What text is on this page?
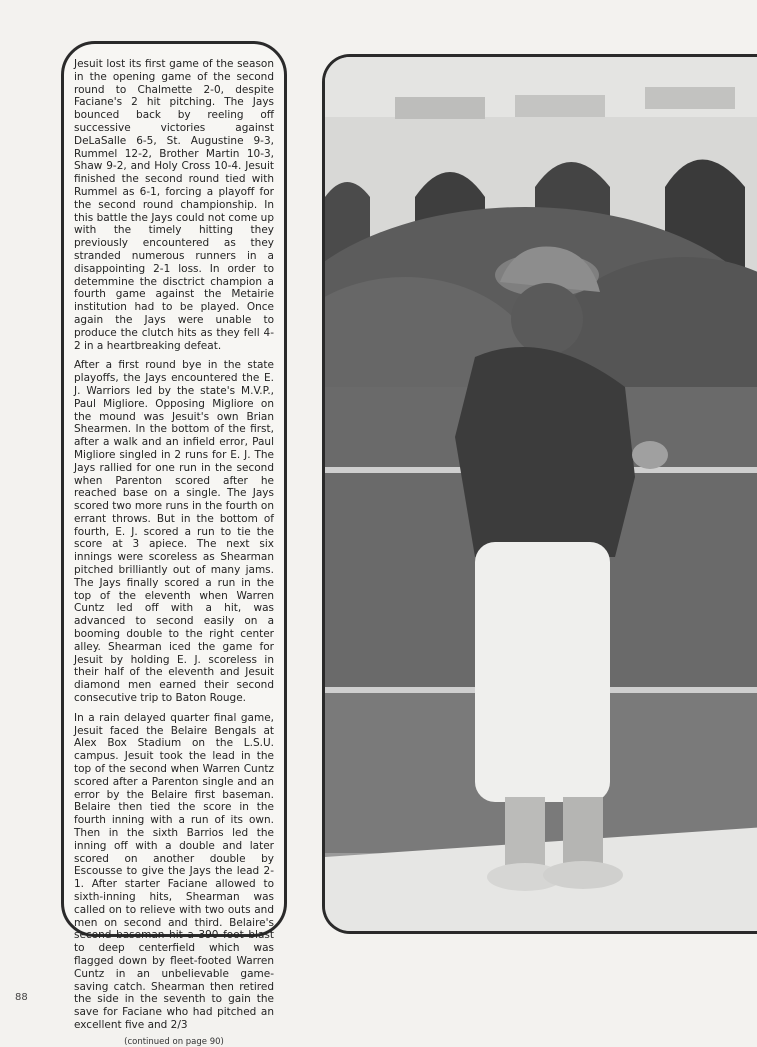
Jesuit lost its first game of the season in the opening game of the second round to Chalmette 2-0, despite Faciane's 2 hit pitching. The Jays bounced back by reeling off successive victories against DeLaSalle 6-5, St. Augustine 9-3, Rummel 12-2, Brother Martin 10-3, Shaw 9-2, and Holy Cross 10-4. Jesuit finished the second round tied with Rummel as 6-1, forcing a playoff for the second round championship. In this battle the Jays could not come up with the timely hitting they previously encountered as they stranded numerous runners in a disappointing 2-1 loss. In order to detemmine the disctrict champion a fourth game against the Metairie institution had to be played. Once again the Jays were unable to produce the clutch hits as they fell 4-2 in a heartbreaking defeat.

After a first round bye in the state playoffs, the Jays encountered the E. J. Warriors led by the state's M.V.P., Paul Migliore. Opposing Migliore on the mound was Jesuit's own Brian Shearmen. In the bottom of the first, after a walk and an infield error, Paul Migliore singled in 2 runs for E. J. The Jays rallied for one run in the second when Parenton scored after he reached base on a single. The Jays scored two more runs in the fourth on errant throws. But in the bottom of fourth, E. J. scored a run to tie the score at 3 apiece. The next six innings were scoreless as Shearman pitched brilliantly out of many jams. The Jays finally scored a run in the top of the eleventh when Warren Cuntz led off with a hit, was advanced to second easily on a booming double to the right center alley. Shearman iced the game for Jesuit by holding E. J. scoreless in their half of the eleventh and Jesuit diamond men earned their second consecutive trip to Baton Rouge.

In a rain delayed quarter final game, Jesuit faced the Belaire Bengals at Alex Box Stadium on the L.S.U. campus. Jesuit took the lead in the top of the second when Warren Cuntz scored after a Parenton single and an error by the Belaire first baseman. Belaire then tied the score in the fourth inning with a run of its own. Then in the sixth Barrios led the inning off with a double and later scored on another double by Escousse to give the Jays the lead 2-1. After starter Faciane allowed to sixth-inning hits, Shearman was called on to relieve with two outs and men on second and third. Belaire's second baseman hit a 390 foot blast to deep centerfield which was flagged down by fleet-footed Warren Cuntz in an unbelievable game-saving catch. Shearman then retired the side in the seventh to gain the save for Faciane who had pitched an excellent five and 2/3

(continued on page 90)
88
